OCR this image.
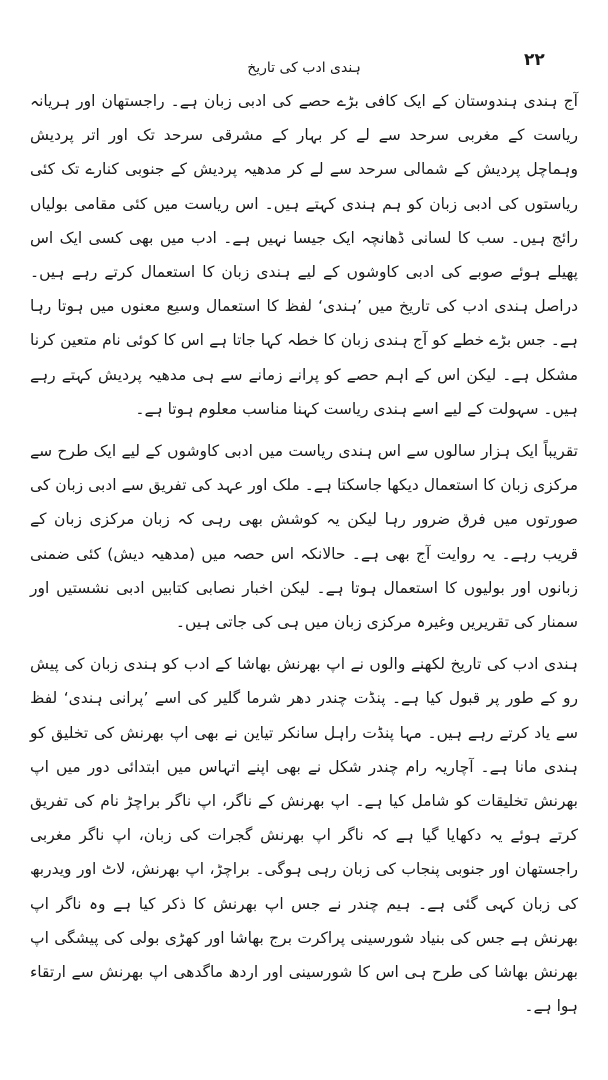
۲۲
ہندی ادب کی تاریخ

آج ہندی ہندوستان کے ایک کافی بڑے حصے کی ادبی زبان ہے۔ راجستھان اور ہریانہ ریاست کے مغربی سرحد سے لے کر بہار کے مشرقی سرحد تک اور اتر پردیش وہماچل پردیش کے شمالی سرحد سے لے کر مدھیہ پردیش کے جنوبی کنارے تک کئی ریاستوں کی ادبی زبان کو ہم ہندی کہتے ہیں۔ اس ریاست میں کئی مقامی بولیاں رائج ہیں۔ سب کا لسانی ڈھانچہ ایک جیسا نہیں ہے۔ ادب میں بھی کسی ایک اس پھیلے ہوئے صوبے کی ادبی کاوشوں کے لیے ہندی زبان کا استعمال کرتے رہے ہیں۔ دراصل ہندی ادب کی تاریخ میں ’ہندی‘ لفظ کا استعمال وسیع معنوں میں ہوتا رہا ہے۔ جس بڑے خطے کو آج ہندی زبان کا خطہ کہا جاتا ہے اس کا کوئی نام متعین کرنا مشکل ہے۔ لیکن اس کے اہم حصے کو پرانے زمانے سے ہی مدھیہ پردیش کہتے رہے ہیں۔ سہولت کے لیے اسے ہندی ریاست کہنا مناسب معلوم ہوتا ہے۔

تقریباً ایک ہزار سالوں سے اس ہندی ریاست میں ادبی کاوشوں کے لیے ایک طرح سے مرکزی زبان کا استعمال دیکھا جاسکتا ہے۔ ملک اور عہد کی تفریق سے ادبی زبان کی صورتوں میں فرق ضرور رہا لیکن یہ کوشش بھی رہی کہ زبان مرکزی زبان کے قریب رہے۔ یہ روایت آج بھی ہے۔ حالانکہ اس حصہ میں (مدھیہ دیش) کئی ضمنی زبانوں اور بولیوں کا استعمال ہوتا ہے۔ لیکن اخبار نصابی کتابیں ادبی نشستیں اور سمنار کی تقریریں وغیرہ مرکزی زبان میں ہی کی جاتی ہیں۔

ہندی ادب کی تاریخ لکھنے والوں نے اپ بھرنش بھاشا کے ادب کو ہندی زبان کی پیش رو کے طور پر قبول کیا ہے۔ پنڈت چندر دھر شرما گلیر کی اسے ’پرانی ہندی‘ لفظ سے یاد کرتے رہے ہیں۔ مہا پنڈت راہل سانکر تیاین نے بھی اپ بھرنش کی تخلیق کو ہندی مانا ہے۔ آچاریہ رام چندر شکل نے بھی اپنے اتہاس میں ابتدائی دور میں اپ بھرنش تخلیقات کو شامل کیا ہے۔ اپ بھرنش کے ناگر، اپ ناگر براچڑ نام کی تفریق کرتے ہوئے یہ دکھایا گیا ہے کہ ناگر اپ بھرنش گجرات کی زبان، اپ ناگر مغربی راجستھان اور جنوبی پنجاب کی زبان رہی ہوگی۔ براچڑ، اپ بھرنش، لاٹ اور ویدربھ کی زبان کہی گئی ہے۔ ہیم چندر نے جس اپ بھرنش کا ذکر کیا ہے وہ ناگر اپ بھرنش ہے جس کی بنیاد شورسینی پراکرت برج بھاشا اور کھڑی بولی کی پیشگی اپ بھرنش بھاشا کی طرح ہی اس کا شورسینی اور اردھ ماگدھی اپ بھرنش سے ارتقاء ہوا ہے۔
